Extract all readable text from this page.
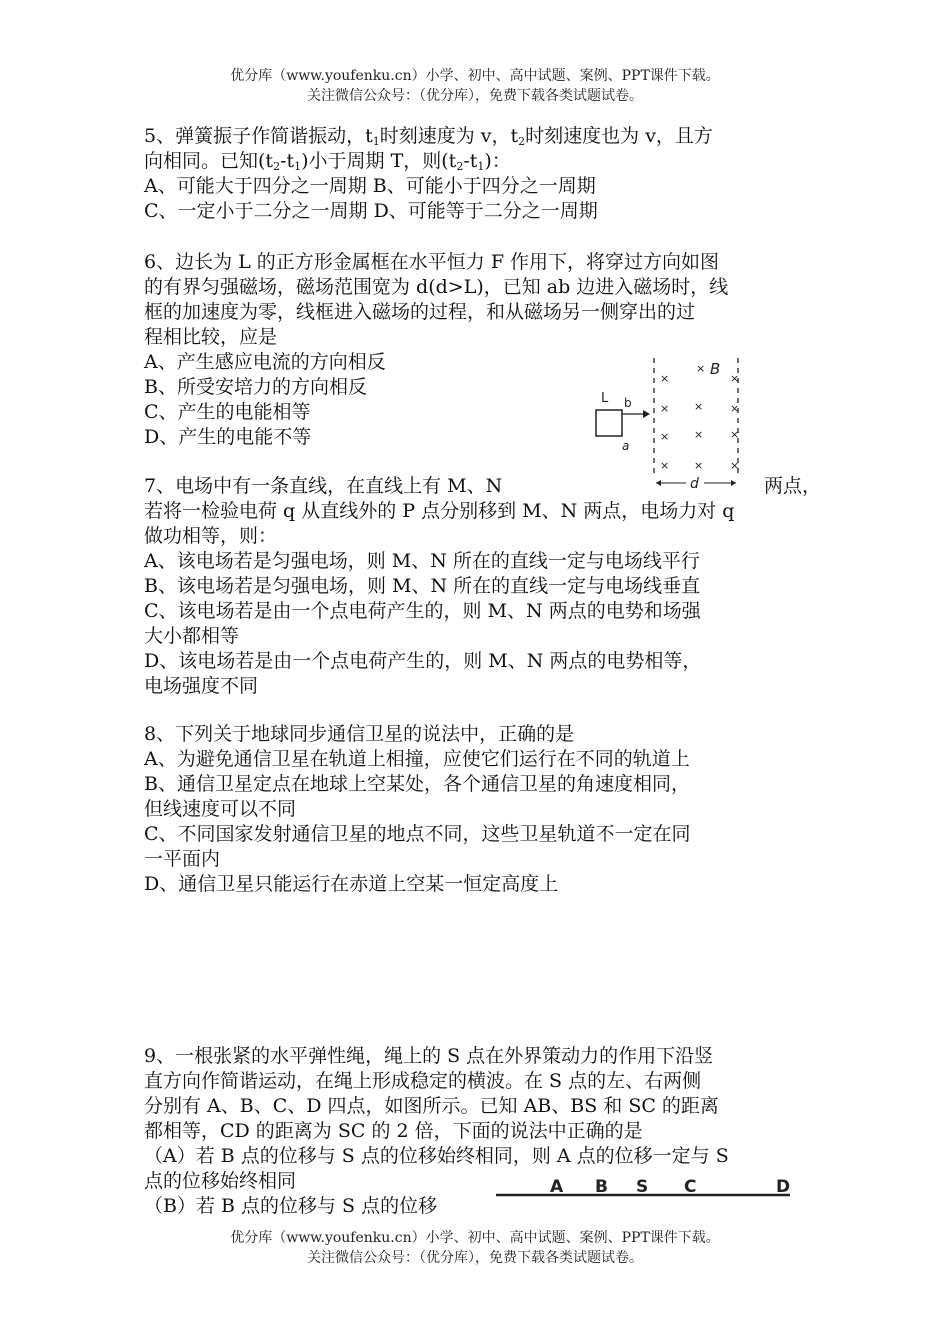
优分库（www.youfenku.cn）小学、初中、高中试题、案例、PPT课件下载。
关注微信公众号：（优分库），免费下载各类试题试卷。
5、弹簧振子作简谐振动，$t_1$时刻速度为 v，$t_2$时刻速度也为 v，且方
向相同。已知$(t_2-t_1)$小于周期 T，则$(t_2-t_1)$：
A、可能大于四分之一周期 B、可能小于四分之一周期
C、一定小于二分之一周期 D、可能等于二分之一周期
6、边长为 L 的正方形金属框在水平恒力 F 作用下，将穿过方向如图
的有界匀强磁场，磁场范围宽为 d(d>L)，已知 ab 边进入磁场时，线
框的加速度为零，线框进入磁场的过程，和从磁场另一侧穿出的过
程相比较，应是
A、产生感应电流的方向相反
B、所受安培力的方向相反
C、产生的电能相等
D、产生的电能不等
×
×
×
× × ×
× × ×
× × ×
B
L b
a
d
7、电场中有一条直线，在直线上有 M、N	两点，
若将一检验电荷 q 从直线外的 P 点分别移到 M、N 两点，电场力对 q
做功相等，则：
A、该电场若是匀强电场，则 M、N 所在的直线一定与电场线平行
B、该电场若是匀强电场，则 M、N 所在的直线一定与电场线垂直
C、该电场若是由一个点电荷产生的，则 M、N 两点的电势和场强
大小都相等
D、该电场若是由一个点电荷产生的，则 M、N 两点的电势相等，
电场强度不同
8、下列关于地球同步通信卫星的说法中，正确的是
A、为避免通信卫星在轨道上相撞，应使它们运行在不同的轨道上
B、通信卫星定点在地球上空某处，各个通信卫星的角速度相同，
但线速度可以不同
C、不同国家发射通信卫星的地点不同，这些卫星轨道不一定在同
一平面内
D、通信卫星只能运行在赤道上空某一恒定高度上
9、一根张紧的水平弹性绳，绳上的 S 点在外界策动力的作用下沿竖
直方向作简谐运动，在绳上形成稳定的横波。在 S 点的左、右两侧
分别有 A、B、C、D 四点，如图所示。已知 AB、BS 和 SC 的距离
都相等，CD 的距离为 SC 的 2 倍，下面的说法中正确的是
（A）若 B 点的位移与 S 点的位移始终相同，则 A 点的位移一定与 S
点的位移始终相同
（B）若 B 点的位移与 S 点的位移
A B S C	D
优分库（www.youfenku.cn）小学、初中、高中试题、案例、PPT课件下载。
关注微信公众号：（优分库），免费下载各类试题试卷。
